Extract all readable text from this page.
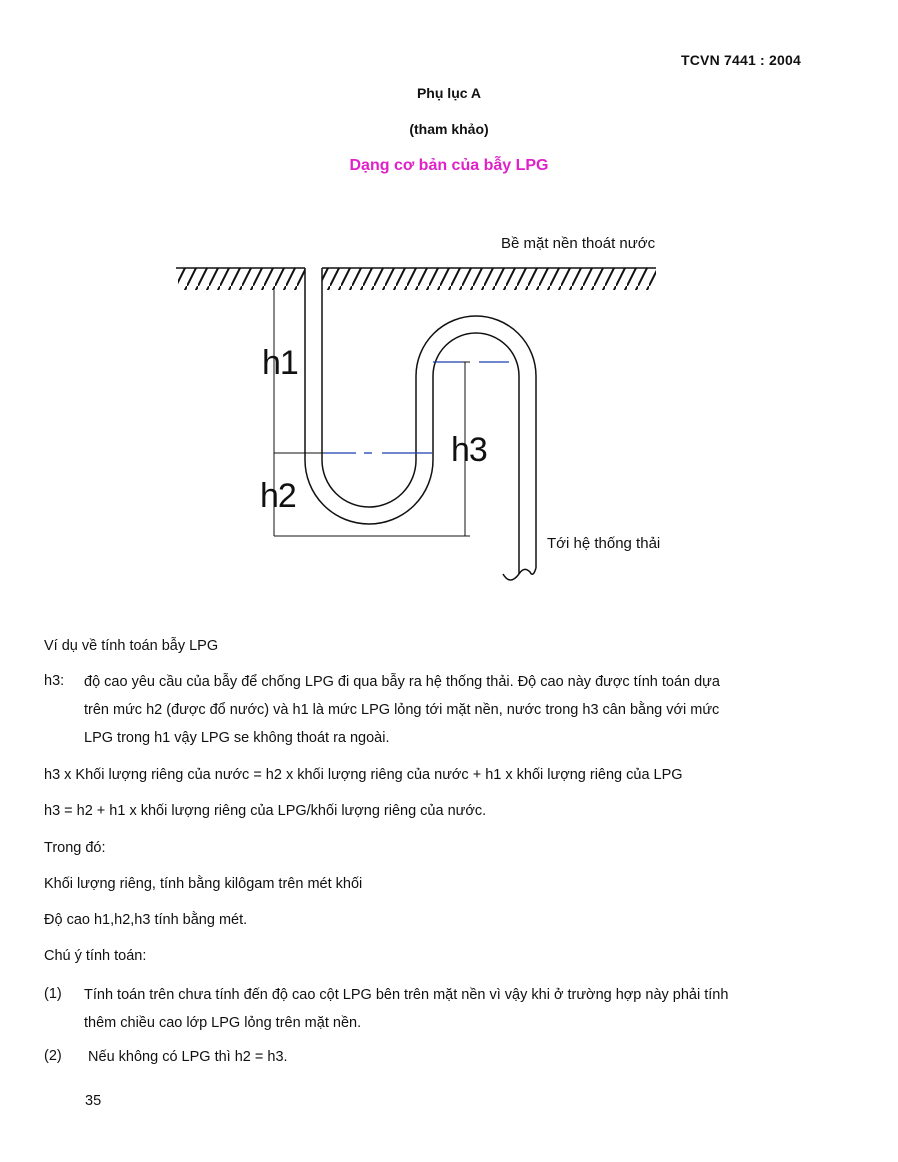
TCVN 7441 : 2004
Phụ lục A
(tham khảo)
Dạng cơ bản của bẫy LPG
Bề mặt nền thoát nước
h1
h2
h3
Tới hệ thống thải
Ví dụ về tính toán bẫy LPG
h3: độ cao yêu cầu của bẫy để chống LPG đi qua bẫy ra hệ thống thải. Độ cao này được tính toán dựa
trên mức h2 (được đổ nước) và h1 là mức LPG lỏng tới mặt nền, nước trong h3 cân bằng với mức
LPG trong h1 vậy LPG se không thoát ra ngoài.
h3 x Khối lượng riêng của nước = h2 x khối lượng riêng của nước + h1 x khối lượng riêng của LPG
h3 = h2 + h1 x khối lượng riêng của LPG/khối lượng riêng của nước.
Trong đó:
Khối lượng riêng, tính bằng kilôgam trên mét khối
Độ cao h1,h2,h3 tính bằng mét.
Chú ý tính toán:
(1) Tính toán trên chưa tính đến độ cao cột LPG bên trên mặt nền vì vậy khi ở trường hợp này phải tính
thêm chiều cao lớp LPG lỏng trên mặt nền.
(2) Nếu không có LPG thì h2 = h3.
35
